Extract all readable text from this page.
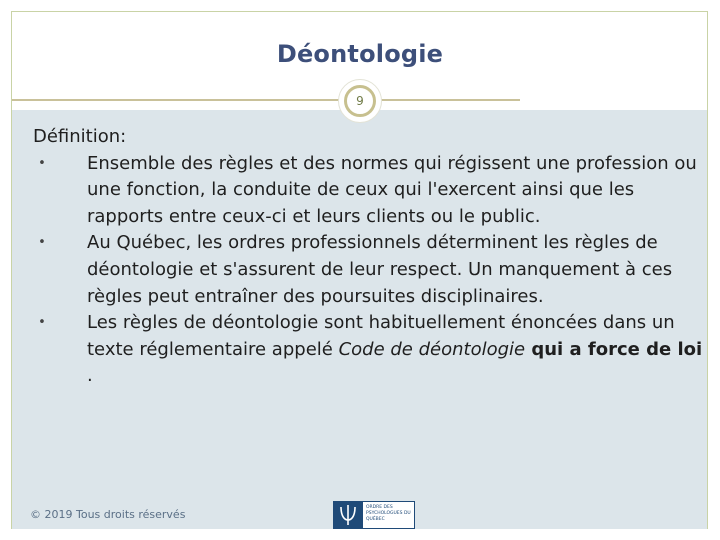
Déontologie
9
Définition:
• Ensemble des règles et des normes qui régissent une profession ou une fonction, la conduite de ceux qui l'exercent ainsi que les rapports entre ceux-ci et leurs clients ou le public.
• Au Québec, les ordres professionnels déterminent les règles de déontologie et s'assurent de leur respect. Un manquement à ces règles peut entraîner des poursuites disciplinaires.
• Les règles de déontologie sont habituellement énoncées dans un texte réglementaire appelé Code de déontologie qui a force de loi .
© 2019 Tous droits réservés
ORDRE DES PSYCHOLOGUES DU QUÉBEC
